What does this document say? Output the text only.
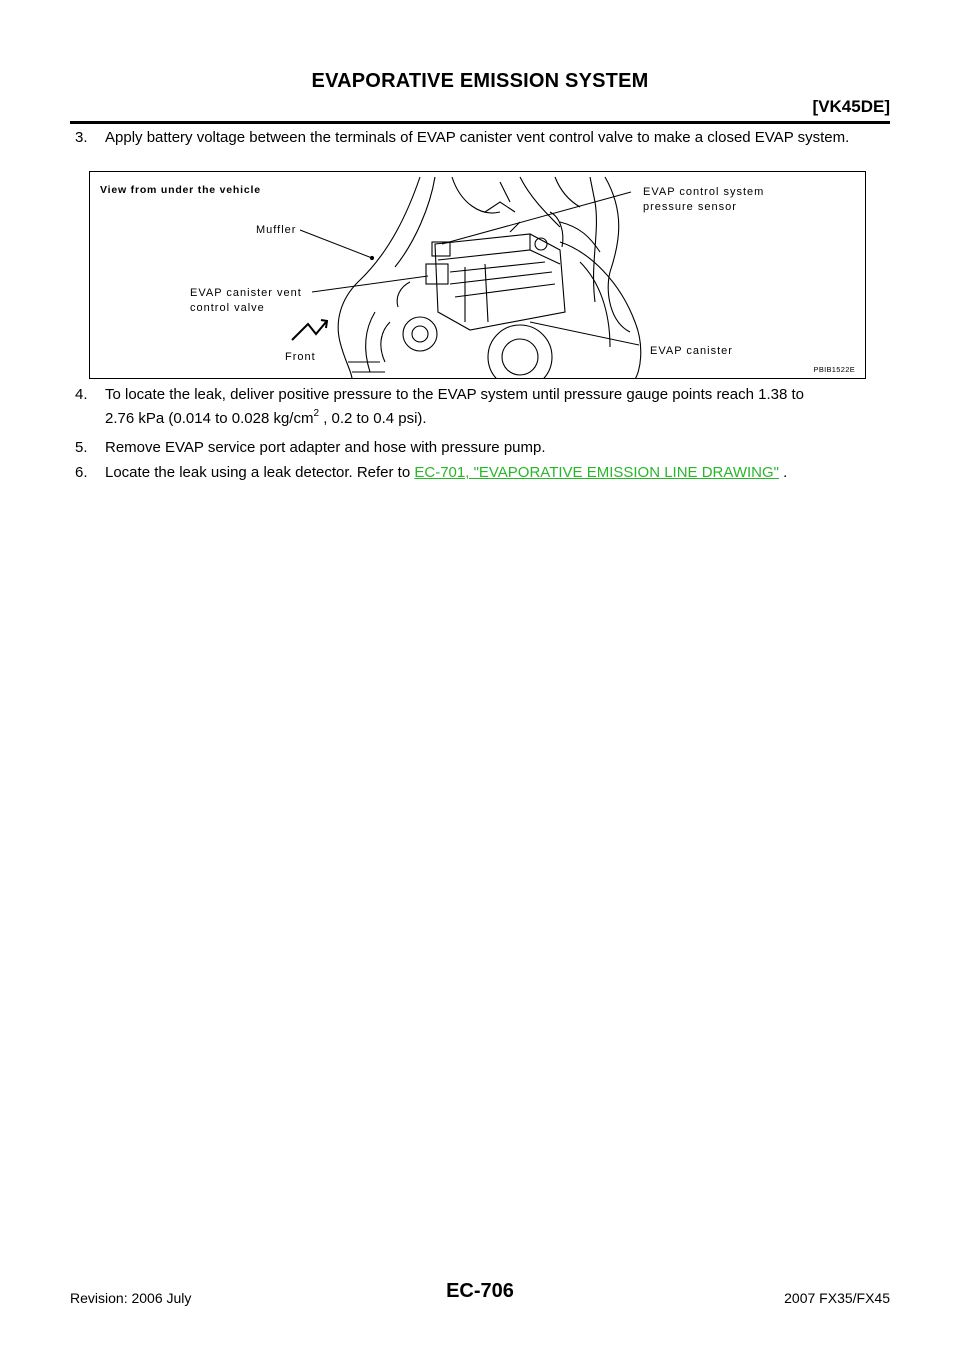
EVAPORATIVE EMISSION SYSTEM
[VK45DE]
3.	Apply battery voltage between the terminals of EVAP canister vent control valve to make a closed EVAP system.
View from under the vehicle	EVAP control system
pressure sensor
Muffler
EVAP canister vent
control valve
Front	EVAP canister
PBIB1522E
4.	To locate the leak, deliver positive pressure to the EVAP system until pressure gauge points reach 1.38 to
2.76 kPa (0.014 to 0.028 $kg/cm^2$ , 0.2 to 0.4 psi).
5.	Remove EVAP service port adapter and hose with pressure pump.
6.	Locate the leak using a leak detector. Refer to EC-701, "EVAPORATIVE EMISSION LINE DRAWING" .
Revision: 2006 July	EC-706	2007 FX35/FX45
